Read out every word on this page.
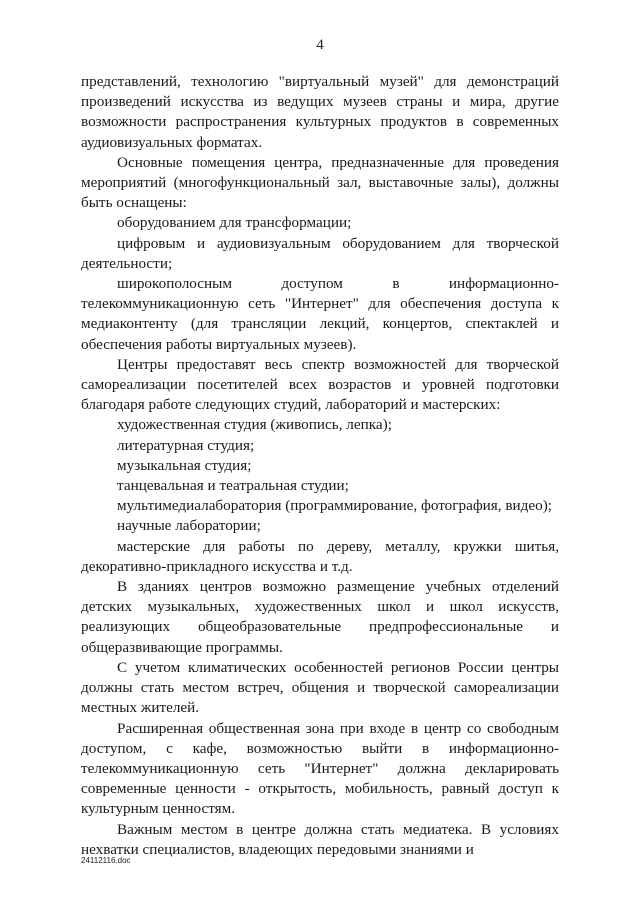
4

представлений, технологию "виртуальный музей" для демонстраций произведений искусства из ведущих музеев страны и мира, другие возможности распространения культурных продуктов в современных аудиовизуальных форматах.

Основные помещения центра, предназначенные для проведения мероприятий (многофункциональный зал, выставочные залы), должны быть оснащены:

оборудованием для трансформации;

цифровым и аудиовизуальным оборудованием для творческой деятельности;

широкополосным доступом в информационно-телекоммуникационную сеть "Интернет" для обеспечения доступа к медиаконтенту (для трансляции лекций, концертов, спектаклей и обеспечения работы виртуальных музеев).

Центры предоставят весь спектр возможностей для творческой самореализации посетителей всех возрастов и уровней подготовки благодаря работе следующих студий, лабораторий и мастерских:

художественная студия (живопись, лепка);

литературная студия;

музыкальная студия;

танцевальная и театральная студии;

мультимедиалаборатория (программирование, фотография, видео);

научные лаборатории;

мастерские для работы по дереву, металлу, кружки шитья, декоративно-прикладного искусства и т.д.

В зданиях центров возможно размещение учебных отделений детских музыкальных, художественных школ и школ искусств, реализующих общеобразовательные предпрофессиональные и общеразвивающие программы.

С учетом климатических особенностей регионов России центры должны стать местом встреч, общения и творческой самореализации местных жителей.

Расширенная общественная зона при входе в центр со свободным доступом, с кафе, возможностью выйти в информационно-телекоммуникационную сеть "Интернет" должна декларировать современные ценности - открытость, мобильность, равный доступ к культурным ценностям.

Важным местом в центре должна стать медиатека. В условиях нехватки специалистов, владеющих передовыми знаниями и

24112116.doc
